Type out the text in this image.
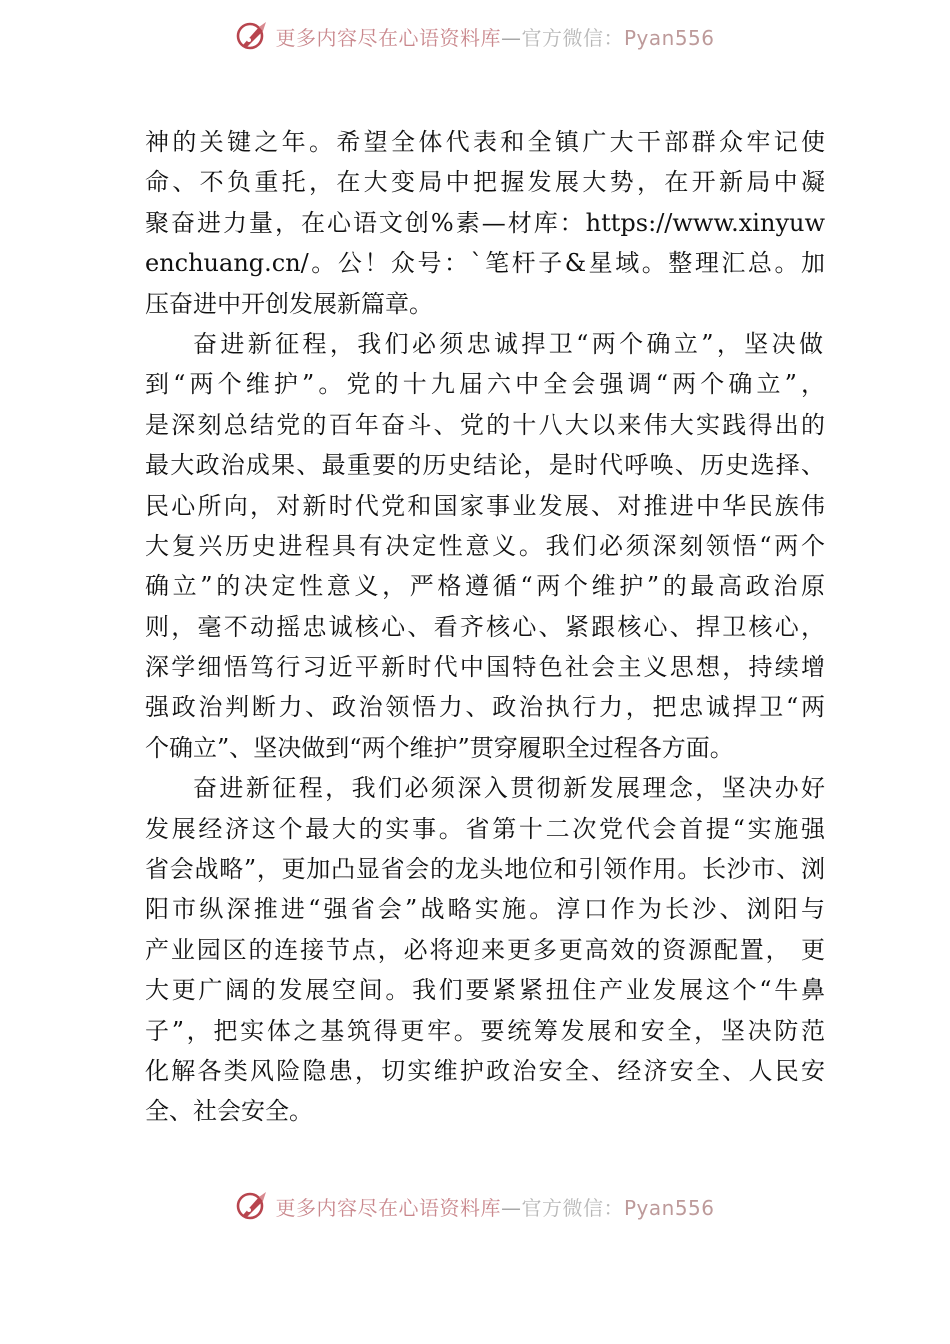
更多内容尽在心语资料库—官方微信：Pyan556
神的关键之年。希望全体代表和全镇广大干部群众牢记使
命、不负重托，在大变局中把握发展大势，在开新局中凝
聚奋进力量，在心语文创%素—材库：https://www.xinyuw
enchuang.cn/。公！众号：`笔杆子&星域。整理汇总。加
压奋进中开创发展新篇章。
奋进新征程，我们必须忠诚捍卫“两个确立”，坚决做
到“两个维护”。党的十九届六中全会强调“两个确立”，
是深刻总结党的百年奋斗、党的十八大以来伟大实践得出的
最大政治成果、最重要的历史结论，是时代呼唤、历史选择、
民心所向，对新时代党和国家事业发展、对推进中华民族伟
大复兴历史进程具有决定性意义。我们必须深刻领悟“两个
确立”的决定性意义，严格遵循“两个维护”的最高政治原
则，毫不动摇忠诚核心、看齐核心、紧跟核心、捍卫核心，
深学细悟笃行习近平新时代中国特色社会主义思想，持续增
强政治判断力、政治领悟力、政治执行力，把忠诚捍卫“两
个确立”、坚决做到“两个维护”贯穿履职全过程各方面。
奋进新征程，我们必须深入贯彻新发展理念，坚决办好
发展经济这个最大的实事。省第十二次党代会首提“实施强
省会战略”，更加凸显省会的龙头地位和引领作用。长沙市、浏
阳市纵深推进“强省会”战略实施。淳口作为长沙、浏阳与
产业园区的连接节点，必将迎来更多更高效的资源配置， 更
大更广阔的发展空间。我们要紧紧扭住产业发展这个“牛鼻
子”，把实体之基筑得更牢。要统筹发展和安全，坚决防范
化解各类风险隐患，切实维护政治安全、经济安全、人民安
全、社会安全。
更多内容尽在心语资料库—官方微信：Pyan556
